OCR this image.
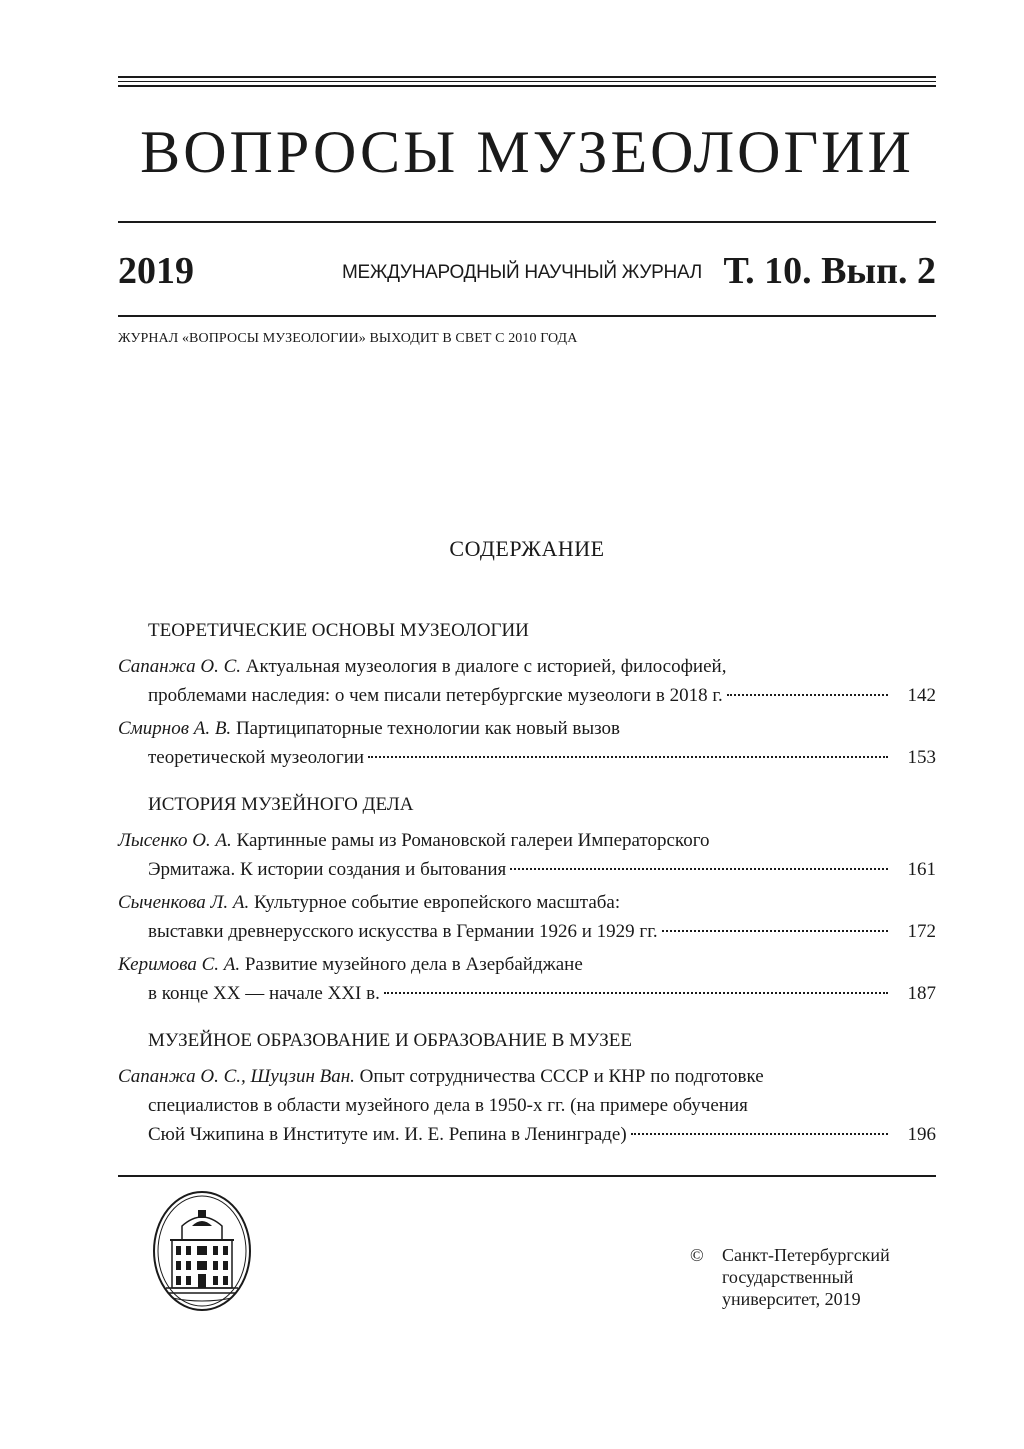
ВОПРОСЫ МУЗЕОЛОГИИ
2019	МЕЖДУНАРОДНЫЙ НАУЧНЫЙ ЖУРНАЛ Т. 10. Вып. 2
ЖУРНАЛ «ВОПРОСЫ МУЗЕОЛОГИИ» ВЫХОДИТ В СВЕТ С 2010 ГОДА
СОДЕРЖАНИЕ
ТЕОРЕТИЧЕСКИЕ ОСНОВЫ МУЗЕОЛОГИИ
Сапанжа О. С. Актуальная музеология в диалоге с историей, философией,
проблемами наследия: о чем писали петербургские музеологи в 2018 г.	142
Смирнов А. В. Партиципаторные технологии как новый вызов
теоретической музеологии	153
ИСТОРИЯ МУЗЕЙНОГО ДЕЛА
Лысенко О. А. Картинные рамы из Романовской галереи Императорского
Эрмитажа. К истории создания и бытования	161
Сыченкова Л. А. Культурное событие европейского масштаба:
выставки древнерусского искусства в Германии 1926 и 1929 гг.	172
Керимова С. А. Развитие музейного дела в Азербайджане
в конце XX — начале XXI в.	187
МУЗЕЙНОЕ ОБРАЗОВАНИЕ И ОБРАЗОВАНИЕ В МУЗЕЕ
Сапанжа О. С., Шуцзин Ван. Опыт сотрудничества СССР и КНР по подготовке
специалистов в области музейного дела в 1950-х гг. (на примере обучения
Сюй Чжипина в Институте им. И. Е. Репина в Ленинграде)	196
© Санкт-Петербургский
государственный
университет, 2019
